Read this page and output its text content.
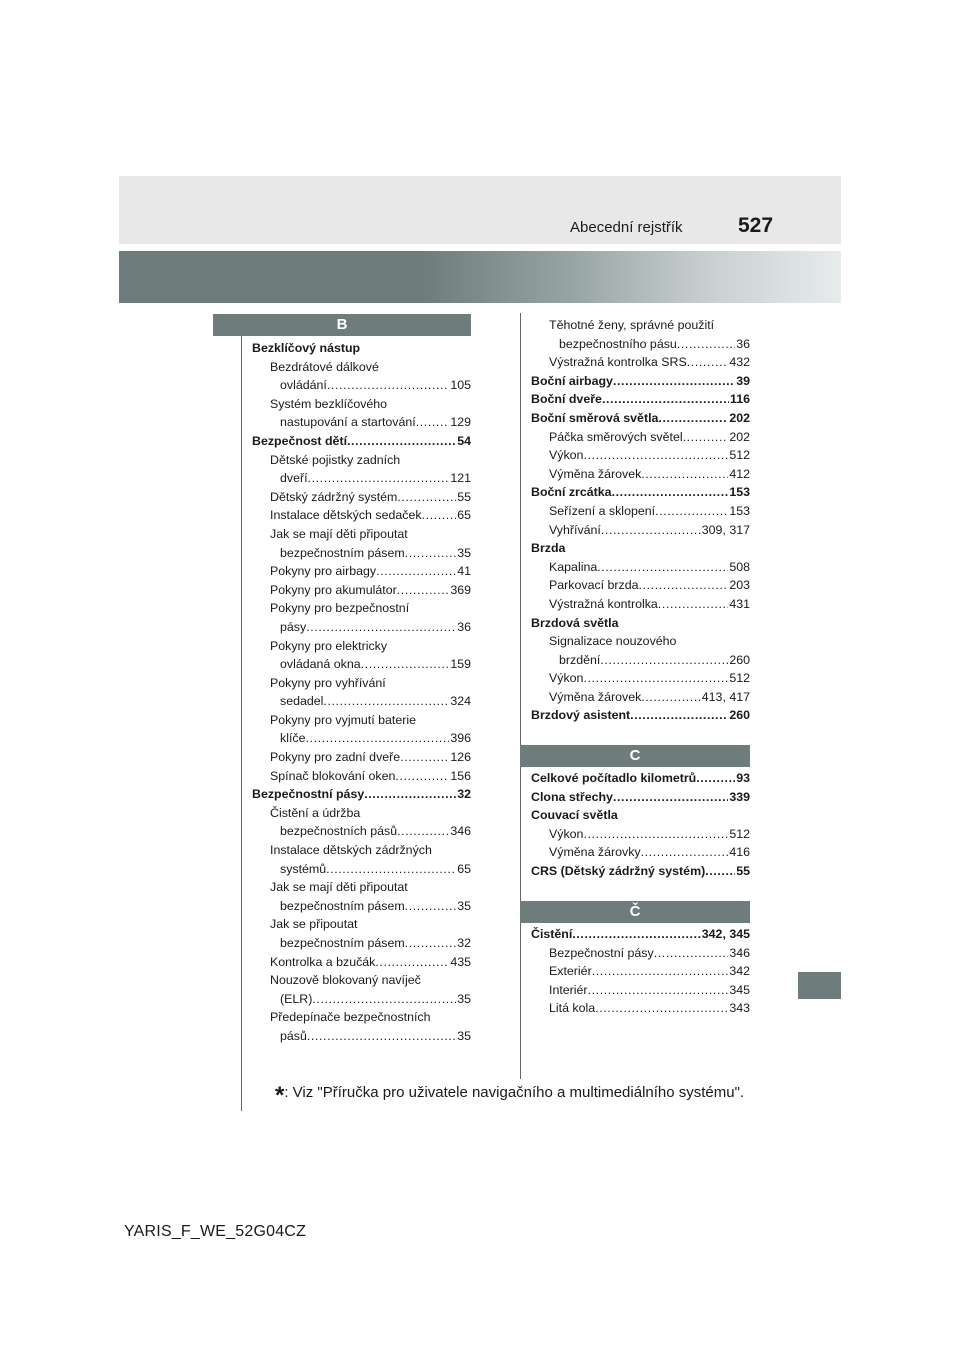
Abecední rejstřík	527
B
Bezklíčový nástup
Bezdrátové dálkové
ovládání .....	105
Systém bezklíčového
nastupování a startování .....	129
Bezpečnost dětí .....	54
Dětské pojistky zadních
dveří .....	121
Dětský zádržný systém .....	55
Instalace dětských sedaček .....	65
Jak se mají děti připoutat
bezpečnostním pásem .....	35
Pokyny pro airbagy .....	41
Pokyny pro akumulátor .....	369
Pokyny pro bezpečnostní
pásy .....	36
Pokyny pro elektricky
ovládaná okna .....	159
Pokyny pro vyhřívání
sedadel .....	324
Pokyny pro vyjmutí baterie
klíče .....	396
Pokyny pro zadní dveře .....	126
Spínač blokování oken .....	156
Bezpečnostní pásy .....	32
Čistění a údržba
bezpečnostních pásů .....	346
Instalace dětských zádržných
systémů .....	65
Jak se mají děti připoutat
bezpečnostním pásem .....	35
Jak se připoutat
bezpečnostním pásem .....	32
Kontrolka a bzučák .....	435
Nouzově blokovaný navíječ
(ELR) .....	35
Předepínače bezpečnostních
pásů .....	35
Těhotné ženy, správné použití
bezpečnostního pásu .....	36
Výstražná kontrolka SRS .....	432
Boční airbagy .....	39
Boční dveře .....	116
Boční směrová světla .....	202
Páčka směrových světel .....	202
Výkon .....	512
Výměna žárovek .....	412
Boční zrcátka .....	153
Seřízení a sklopení .....	153
Vyhřívání .....	309, 317
Brzda
Kapalina .....	508
Parkovací brzda .....	203
Výstražná kontrolka .....	431
Brzdová světla
Signalizace nouzového
brzdění .....	260
Výkon .....	512
Výměna žárovek .....	413, 417
Brzdový asistent .....	260
C
Celkové počítadlo kilometrů .....	93
Clona střechy .....	339
Couvací světla
Výkon .....	512
Výměna žárovky .....	416
CRS (Dětský zádržný systém) ..... 55
Č
Čistění .....	342, 345
Bezpečnostní pásy .....	346
Exteriér .....	342
Interiér .....	345
Litá kola .....	343
*: Viz "Příručka pro uživatele navigačního a multimediálního systému".
YARIS_F_WE_52G04CZ
